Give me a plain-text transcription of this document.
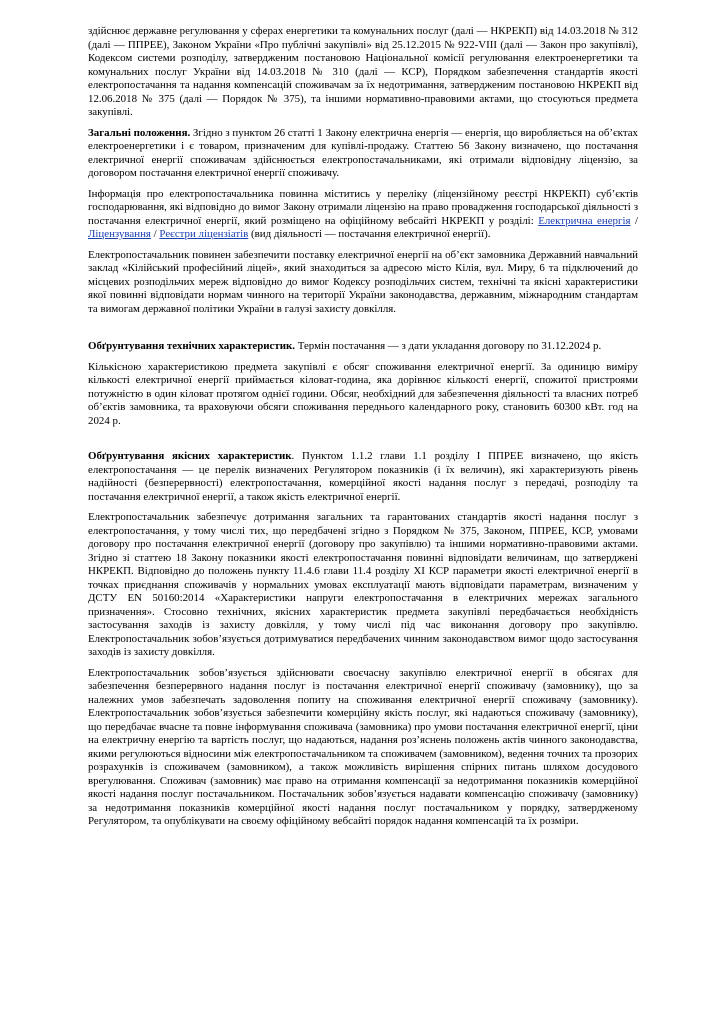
здійснює державне регулювання у сферах енергетики та комунальних послуг (далі — НКРЕКП) від 14.03.2018 № 312 (далі — ППРЕЕ), Законом України «Про публічні закупівлі» від 25.12.2015 № 922-VIII (далі — Закон про закупівлі), Кодексом системи розподілу, затвердженим постановою Національної комісії регулювання електроенергетики та комунальних послуг України від 14.03.2018 № 310 (далі — КСР), Порядком забезпечення стандартів якості електропостачання та надання компенсацій споживачам за їх недотримання, затвердженим постановою НКРЕКП від 12.06.2018 № 375 (далі — Порядок № 375), та іншими нормативно-правовими актами, що стосуються предмета закупівлі.

Загальні положення. Згідно з пунктом 26 статті 1 Закону електрична енергія — енергія, що виробляється на об’єктах електроенергетики і є товаром, призначеним для купівлі-продажу. Статтею 56 Закону визначено, що постачання електричної енергії споживачам здійснюється електропостачальниками, які отримали відповідну ліцензію, за договором постачання електричної енергії споживачу.

Інформація про електропостачальника повинна міститись у переліку (ліцензійному реєстрі НКРЕКП) суб’єктів господарювання, які відповідно до вимог Закону отримали ліцензію на право провадження господарської діяльності з постачання електричної енергії, який розміщено на офіційному вебсайті НКРЕКП у розділі: Електрична енергія / Ліцензування / Реєстри ліцензіатів (вид діяльності — постачання електричної енергії).

Електропостачальник повинен забезпечити поставку електричної енергії на об’єкт замовника Державний навчальний заклад «Кілійський професійний ліцей», який знаходиться за адресою місто Кілія, вул. Миру, 6 та підключений до місцевих розподільчих мереж відповідно до вимог Кодексу розподільчих систем, технічні та якісні характеристики якої повинні відповідати нормам чинного на території України законодавства, державним, міжнародним стандартам та вимогам державної політики України в галузі захисту довкілля.

Обґрунтування технічних характеристик. Термін постачання — з дати укладання договору по 31.12.2024 р.

Кількісною характеристикою предмета закупівлі є обсяг споживання електричної енергії. За одиницю виміру кількості електричної енергії приймається кіловат-година, яка дорівнює кількості енергії, спожитої пристроями потужністю в один кіловат протягом однієї години. Обсяг, необхідний для забезпечення діяльності та власних потреб об’єктів замовника, та враховуючи обсяги споживання переднього календарного року, становить 60300 кВт. год на 2024 р.

Обґрунтування якісних характеристик. Пунктом 1.1.2 глави 1.1 розділу І ППРЕЕ визначено, що якість електропостачання — це перелік визначених Регулятором показників (і їх величин), які характеризують рівень надійності (безперервності) електропостачання, комерційної якості надання послуг з передачі, розподілу та постачання електричної енергії, а також якість електричної енергії.

Електропостачальник забезпечує дотримання загальних та гарантованих стандартів якості надання послуг з електропостачання, у тому числі тих, що передбачені згідно з Порядком № 375, Законом, ППРЕЕ, КСР, умовами договору про постачання електричної енергії (договору про закупівлю) та іншими нормативно-правовими актами. Згідно зі статтею 18 Закону показники якості електропостачання повинні відповідати величинам, що затверджені НКРЕКП. Відповідно до положень пункту 11.4.6 глави 11.4 розділу XI КСР параметри якості електричної енергії в точках приєднання споживачів у нормальних умовах експлуатації мають відповідати параметрам, визначеним у ДСТУ EN 50160:2014 «Характеристики напруги електропостачання в електричних мережах загального призначення». Стосовно технічних, якісних характеристик предмета закупівлі передбачається необхідність застосування заходів із захисту довкілля, у тому числі під час виконання договору про закупівлю. Електропостачальник зобов’язується дотримуватися передбачених чинним законодавством вимог щодо застосування заходів із захисту довкілля.

Електропостачальник зобов’язується здійснювати своєчасну закупівлю електричної енергії в обсягах для забезпечення безперервного надання послуг із постачання електричної енергії споживачу (замовнику), що за належних умов забезпечать задоволення попиту на споживання електричної енергії споживачу (замовнику). Електропостачальник зобов’язується забезпечити комерційну якість послуг, які надаються споживачу (замовнику), що передбачає вчасне та повне інформування споживача (замовника) про умови постачання електричної енергії, ціни на електричну енергію та вартість послуг, що надаються, надання роз’яснень положень актів чинного законодавства, якими регулюються відносини між електропостачальником та споживачем (замовником), ведення точних та прозорих розрахунків із споживачем (замовником), а також можливість вирішення спірних питань шляхом досудового врегулювання. Споживач (замовник) має право на отримання компенсації за недотримання показників комерційної якості надання послуг постачальником. Постачальник зобов’язується надавати компенсацію споживачу (замовнику) за недотримання показників комерційної якості надання послуг постачальником у порядку, затвердженому Регулятором, та опублікувати на своєму офіційному вебсайті порядок надання компенсацій та їх розміри.
